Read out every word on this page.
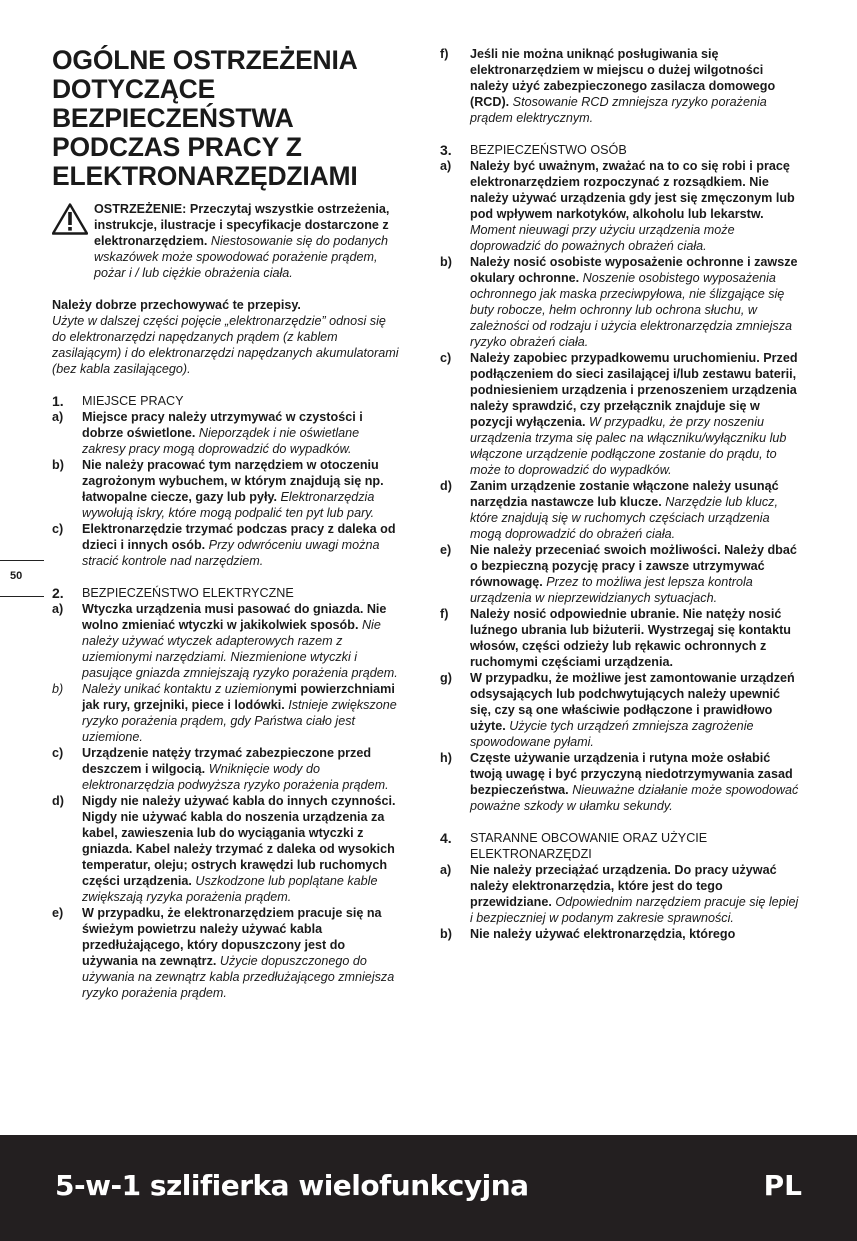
OGÓLNE OSTRZEŻENIA DOTYCZĄCE BEZPIECZEŃSTWA PODCZAS PRACY Z ELEKTRONARZĘDZIAMI

OSTRZEŻENIE: Przeczytaj wszystkie ostrzeżenia, instrukcje, ilustracje i specyfikacje dostarczone z elektronarzędziem. Niestosowanie się do podanych wskazówek może spowodować porażenie prądem, pożar i / lub ciężkie obrażenia ciała.

Należy dobrze przechowywać te przepisy.
Użyte w dalszej części pojęcie „elektronarzędzie” odnosi się do elektronarzędzi napędzanych prądem (z kablem zasilającym) i do elektronarzędzi napędzanych akumulatorami (bez kabla zasilającego).

1.	MIEJSCE PRACY
a)	Miejsce pracy należy utrzymywać w czystości i dobrze oświetlone. Nieporządek i nie oświetlane zakresy pracy mogą doprowadzić do wypadków.
b)	Nie należy pracować tym narzędziem w otoczeniu zagrożonym wybuchem, w którym znajdują się np. łatwopalne ciecze, gazy lub pyły. Elektronarzędzia wywołują iskry, które mogą podpalić ten pyt lub pary.
c)	Elektronarzędzie trzymać podczas pracy z daleka od dzieci i innych osób. Przy odwróceniu uwagi można stracić kontrole nad narzędziem.
2.	BEZPIECZEŃSTWO ELEKTRYCZNE
a)	Wtyczka urządzenia musi pasować do gniazda. Nie wolno zmieniać wtyczki w jakikolwiek sposób. Nie należy używać wtyczek adapterowych razem z uziemionymi narzędziami. Niezmienione wtyczki i pasujące gniazda zmniejszają ryzyko porażenia prądem.
b)	Należy unikać kontaktu z uziemionymi powierzchniami jak rury, grzejniki, piece i lodówki. Istnieje zwiększone ryzyko porażenia prądem, gdy Państwa ciało jest uziemione.
c)	Urządzenie natęży trzymać zabezpieczone przed deszczem i wilgocią. Wniknięcie wody do elektronarzędzia podwyższa ryzyko porażenia prądem.
d)	Nigdy nie należy używać kabla do innych czynności. Nigdy nie używać kabla do noszenia urządzenia za kabel, zawieszenia lub do wyciągania wtyczki z gniazda. Kabel należy trzymać z daleka od wysokich temperatur, oleju; ostrych krawędzi lub ruchomych części urządzenia. Uszkodzone lub poplątane kable zwiększają ryzyka porażenia prądem.
e)	W przypadku, że elektronarzędziem pracuje się na świeżym powietrzu należy używać kabla przedłużającego, który dopuszczony jest do używania na zewnątrz. Użycie dopuszczonego do używania na zewnątrz kabla przedłużającego zmniejsza ryzyko porażenia prądem.
f)	Jeśli nie można uniknąć posługiwania się elektronarzędziem w miejscu o dużej wilgotności należy użyć zabezpieczonego zasilacza domowego (RCD). Stosowanie RCD zmniejsza ryzyko porażenia prądem elektrycznym.
3.	BEZPIECZEŃSTWO OSÓB
a)	Należy być uważnym, zważać na to co się robi i pracę elektronarzędziem rozpoczynać z rozsądkiem. Nie należy używać urządzenia gdy jest się zmęczonym lub pod wpływem narkotyków, alkoholu lub lekarstw. Moment nieuwagi przy użyciu urządzenia może doprowadzić do poważnych obrażeń ciała.
b)	Należy nosić osobiste wyposażenie ochronne i zawsze okulary ochronne. Noszenie osobistego wyposażenia ochronnego jak maska przeciwpyłowa, nie ślizgające się buty robocze, hełm ochronny lub ochrona słuchu, w zależności od rodzaju i użycia elektronarzędzia zmniejsza ryzyko obrażeń ciała.
c)	Należy zapobiec przypadkowemu uruchomieniu. Przed podłączeniem do sieci zasilającej i/lub zestawu baterii, podniesieniem urządzenia i przenoszeniem urządzenia należy sprawdzić, czy przełącznik znajduje się w pozycji wyłączenia. W przypadku, że przy noszeniu urządzenia trzyma się palec na włączniku/wyłączniku lub włączone urządzenie podłączone zostanie do prądu, to może to doprowadzić do wypadków.
d)	Zanim urządzenie zostanie włączone należy usunąć narzędzia nastawcze lub klucze. Narzędzie lub klucz, które znajdują się w ruchomych częściach urządzenia mogą doprowadzić do obrażeń ciała.
e)	Nie należy przeceniać swoich możliwości. Należy dbać o bezpieczną pozycję pracy i zawsze utrzymywać równowagę. Przez to możliwa jest lepsza kontrola urządzenia w nieprzewidzianych sytuacjach.
f)	Należy nosić odpowiednie ubranie. Nie natęży nosić luźnego ubrania lub biżuterii. Wystrzegaj się kontaktu włosów, części odzieży lub rękawic ochronnych z ruchomymi częściami urządzenia.
g)	W przypadku, że możliwe jest zamontowanie urządzeń odsysających lub podchwytujących należy upewnić się, czy są one właściwie podłączone i prawidłowo użyte. Użycie tych urządzeń zmniejsza zagrożenie spowodowane pyłami.
h)	Częste używanie urządzenia i rutyna może osłabić twoją uwagę i być przyczyną niedotrzymywania zasad bezpieczeństwa. Nieuważne działanie może spowodować poważne szkody w ułamku sekundy.
4.	STARANNE OBCOWANIE ORAZ UŻYCIE ELEKTRONARZĘDZI
a)	Nie należy przeciążać urządzenia. Do pracy używać należy elektronarzędzia, które jest do tego przewidziane. Odpowiednim narzędziem pracuje się lepiej i bezpieczniej w podanym zakresie sprawności.
b)	Nie należy używać elektronarzędzia, którego
50
5-w-1 szlifierka wielofunkcyjna	PL
